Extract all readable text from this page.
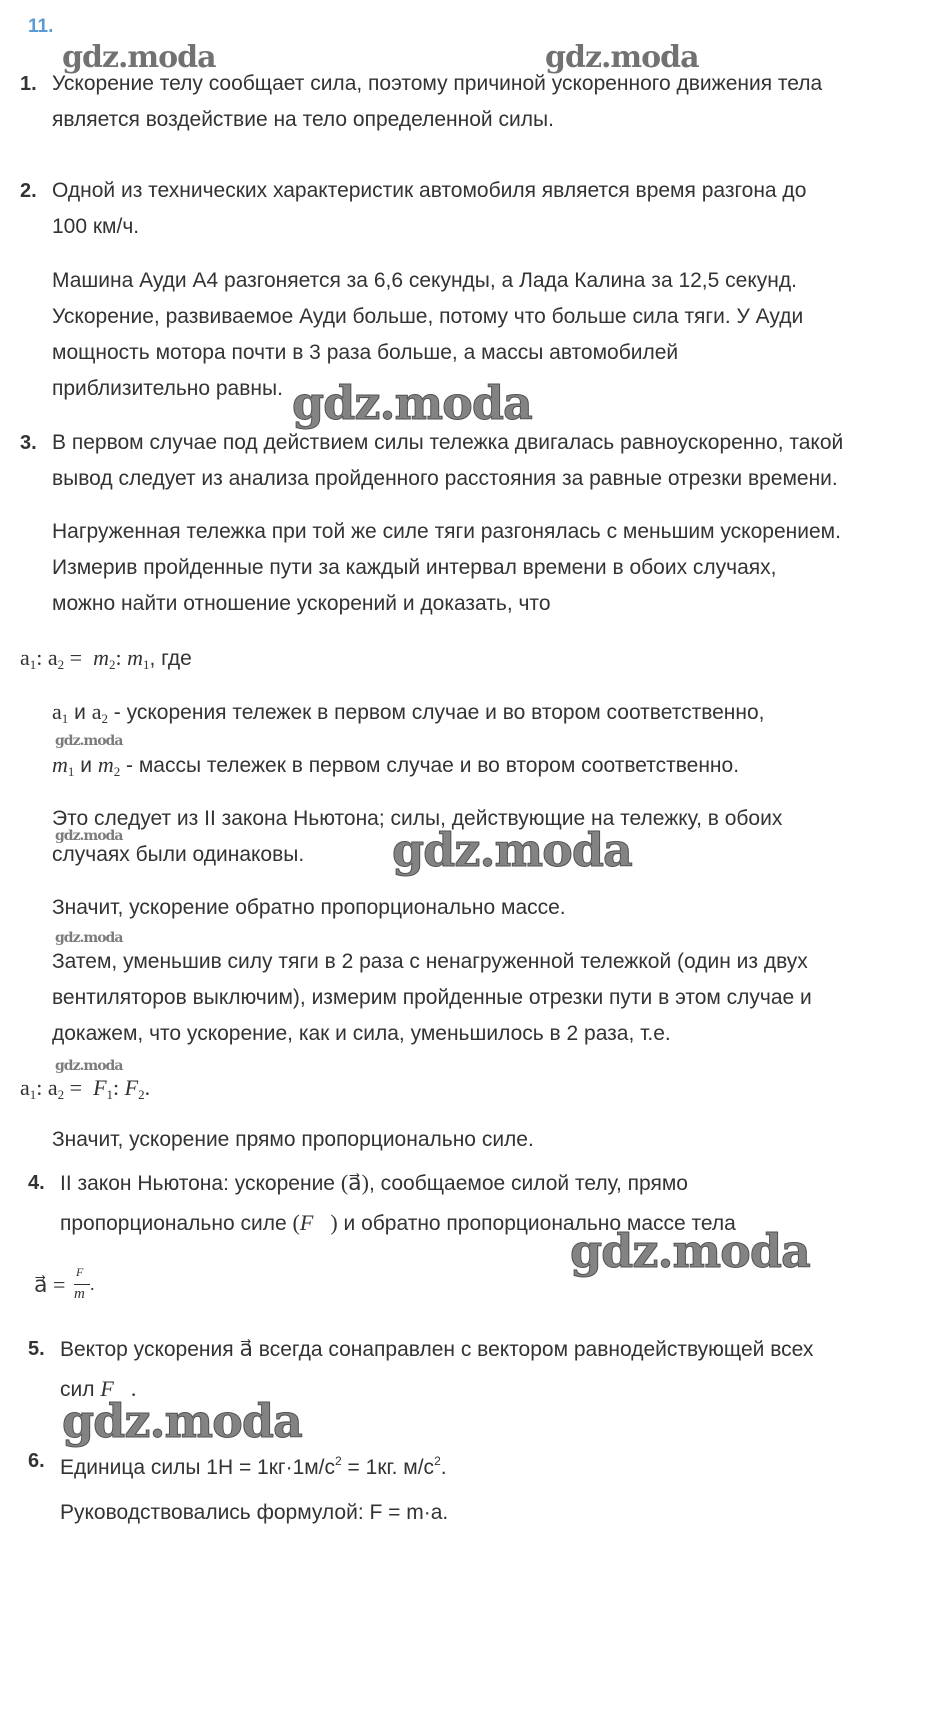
11.
gdz.moda	gdz.moda
gdz.moda
gdz.moda
gdz.moda	gdz.moda
gdz.moda
gdz.moda
gdz.moda
gdz.moda
1. Ускорение телу сообщает сила, поэтому причиной ускоренного движения тела
является воздействие на тело определенной силы.
2. Одной из технических характеристик автомобиля является время разгона до
100 км/ч.
Машина Ауди А4 разгоняется за 6,6 секунды, а Лада Калина за 12,5 секунд.
Ускорение, развиваемое Ауди больше, потому что больше сила тяги. У Ауди
мощность мотора почти в 3 раза больше, а массы автомобилей
приблизительно равны.
3. В первом случае под действием силы тележка двигалась равноускоренно, такой
вывод следует из анализа пройденного расстояния за равные отрезки времени.
Нагруженная тележка при той же силе тяги разгонялась с меньшим ускорением.
Измерив пройденные пути за каждый интервал времени в обоих случаях,
можно найти отношение ускорений и доказать, что
$a_1$: $a_2 = m_2$: $m_1$, где
$a_1$ и $a_2$ - ускорения тележек в первом случае и во втором соответственно,
$m_1$ и $m_2$ - массы тележек в первом случае и во втором соответственно.
Это следует из II закона Ньютона; силы, действующие на тележку, в обоих
случаях были одинаковы.
Значит, ускорение обратно пропорционально массе.
Затем, уменьшив силу тяги в 2 раза с ненагруженной тележкой (один из двух
вентиляторов выключим), измерим пройденные отрезки пути в этом случае и
докажем, что ускорение, как и сила, уменьшилось в 2 раза, т.е.
$a_1$: $a_2 = F_1$: $F_2$.
Значит, ускорение прямо пропорционально силе.
4. II закон Ньютона: ускорение (a⃗), сообщаемое силой телу, прямо
пропорционально силе (F⃗) и обратно пропорционально массе тела
a⃗ = F⃗
m .
5. Вектор ускорения a⃗ всегда сонаправлен с вектором равнодействующей всех
сил F⃗.
6. Единица силы $1Н = 1кг\cdot 1м/с^2 = 1кг$. $м/с^2$.
Руководствовались формулой: F = m·a.
